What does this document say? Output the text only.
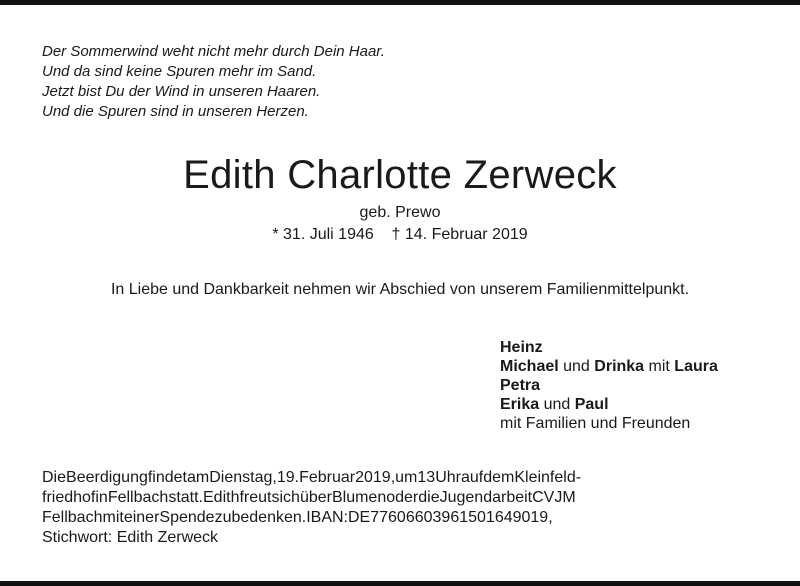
Der Sommerwind weht nicht mehr durch Dein Haar.
Und da sind keine Spuren mehr im Sand.
Jetzt bist Du der Wind in unseren Haaren.
Und die Spuren sind in unseren Herzen.
Edith Charlotte Zerweck
geb. Prewo
* 31. Juli 1946    † 14. Februar 2019
In Liebe und Dankbarkeit nehmen wir Abschied von unserem Familienmittelpunkt.
Heinz
Michael und Drinka mit Laura
Petra
Erika und Paul
mit Familien und Freunden
DieBeerdigungfindetamDienstag,19.Februar2019,um13UhraufdemKleinfeld-
friedhofinFellbachstatt.EdithfreutsichüberBlumenoderdieJugendarbeitCVJM
FellbachmiteinerSpendezubedenken.IBAN:DE77606603961501649019,
Stichwort: Edith Zerweck
